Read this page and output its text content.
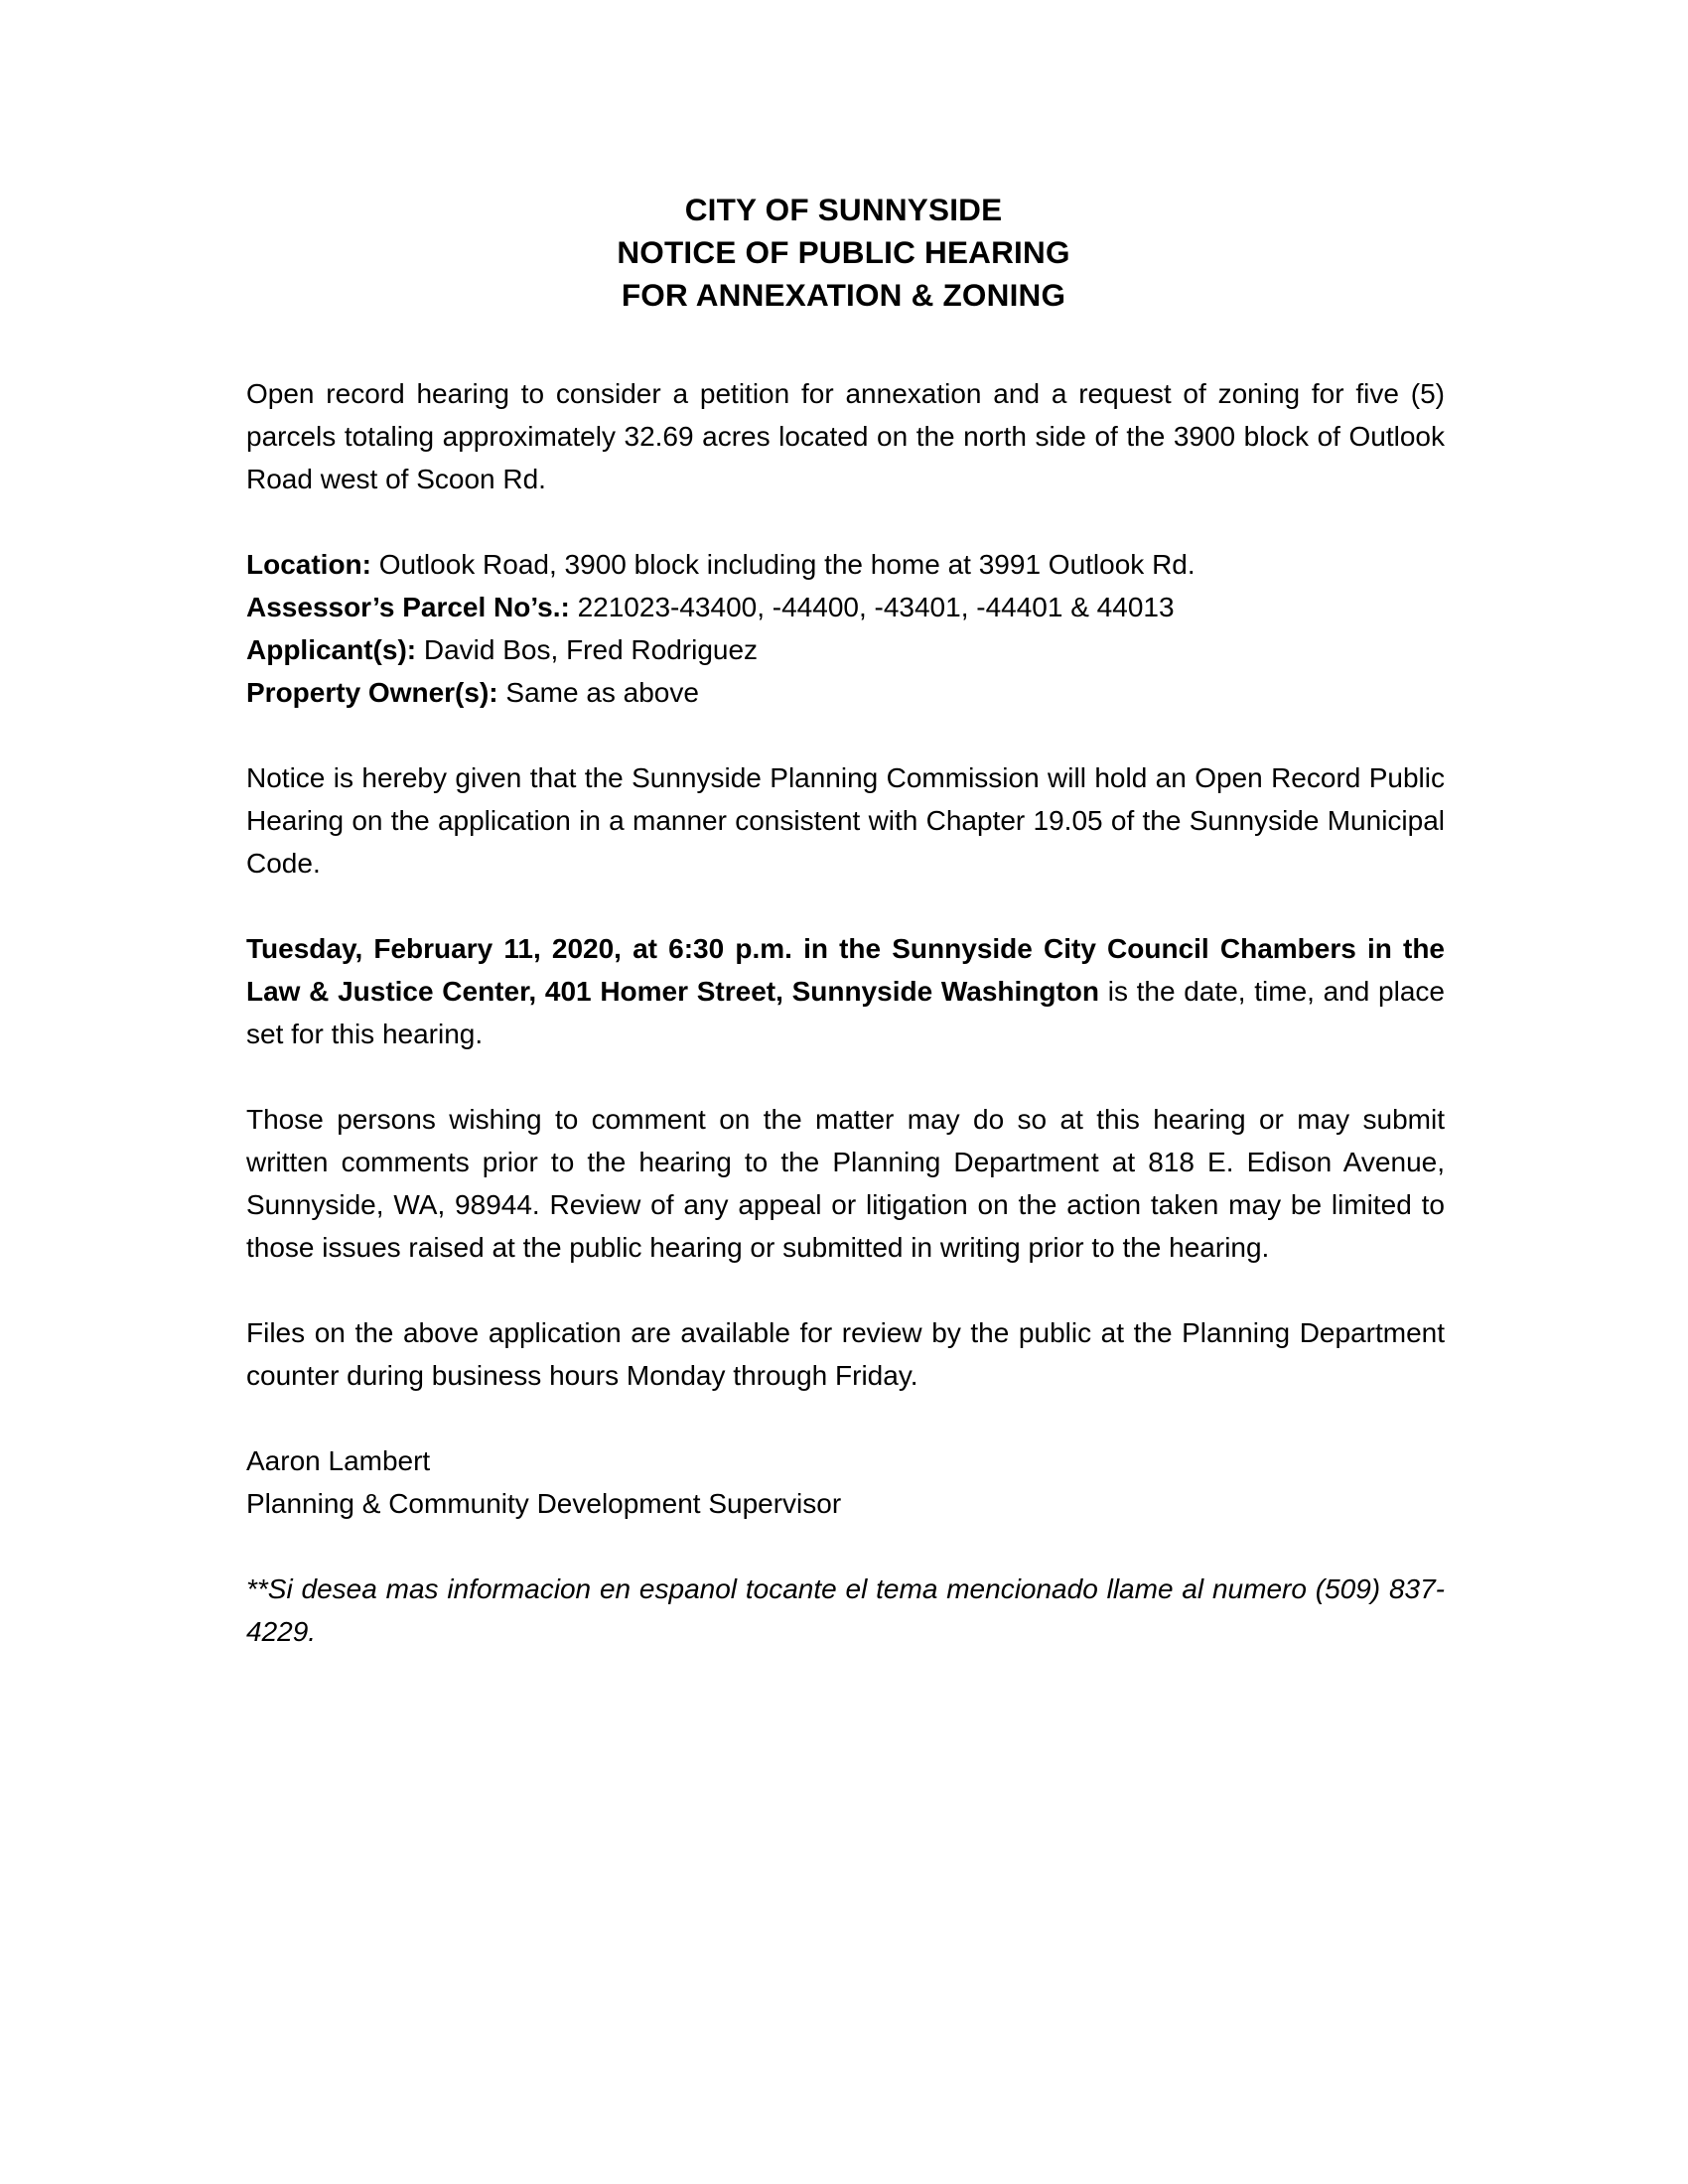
CITY OF SUNNYSIDE
NOTICE OF PUBLIC HEARING
FOR ANNEXATION & ZONING

Open record hearing to consider a petition for annexation and a request of zoning for five (5) parcels totaling approximately 32.69 acres located on the north side of the 3900 block of Outlook Road west of Scoon Rd.

Location: Outlook Road, 3900 block including the home at 3991 Outlook Rd.
Assessor’s Parcel No’s.: 221023-43400, -44400, -43401, -44401 & 44013
Applicant(s): David Bos, Fred Rodriguez
Property Owner(s): Same as above

Notice is hereby given that the Sunnyside Planning Commission will hold an Open Record Public Hearing on the application in a manner consistent with Chapter 19.05 of the Sunnyside Municipal Code.

Tuesday, February 11, 2020, at 6:30 p.m. in the Sunnyside City Council Chambers in the Law & Justice Center, 401 Homer Street, Sunnyside Washington is the date, time, and place set for this hearing.

Those persons wishing to comment on the matter may do so at this hearing or may submit written comments prior to the hearing to the Planning Department at 818 E. Edison Avenue, Sunnyside, WA, 98944. Review of any appeal or litigation on the action taken may be limited to those issues raised at the public hearing or submitted in writing prior to the hearing.

Files on the above application are available for review by the public at the Planning Department counter during business hours Monday through Friday.

Aaron Lambert
Planning & Community Development Supervisor

**Si desea mas informacion en espanol tocante el tema mencionado llame al numero (509) 837-4229.
